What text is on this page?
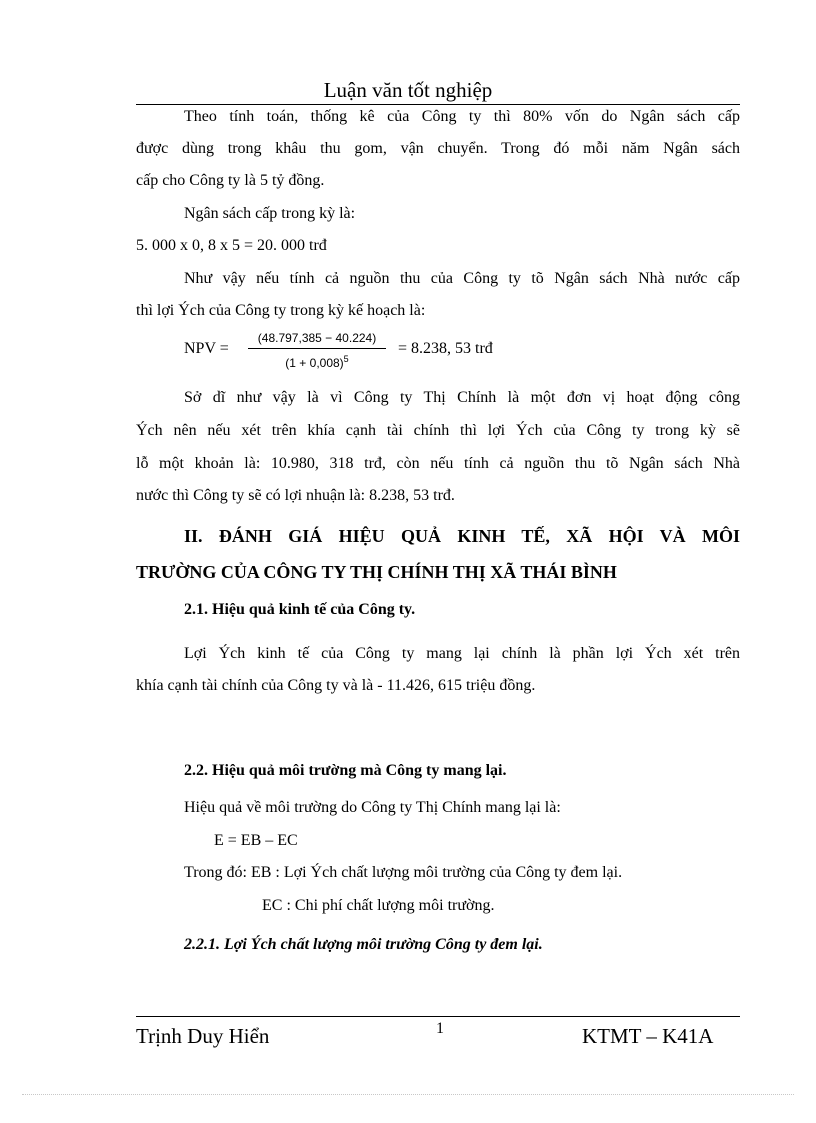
Luận văn tốt nghiệp
Theo tính toán, thống kê của Công ty thì 80% vốn do Ngân sách cấp
được dùng trong khâu thu gom, vận chuyển. Trong đó mỗi năm Ngân sách
cấp cho Công ty là 5 tỷ đồng.
Ngân sách cấp trong kỳ là:
5. 000 x 0, 8 x 5 = 20. 000 trđ
Như vậy nếu tính cả nguồn thu của Công ty tõ Ngân sách Nhà nước cấp
thì lợi Ých của Công ty trong kỳ kế hoạch là:
NPV =
(48.797,385 − 40.224)
$(1 + 0,008)^5$
= 8.238, 53 trđ
Sở dĩ như vậy là vì Công ty Thị Chính là một đơn vị hoạt động công
Ých nên nếu xét trên khía cạnh tài chính thì lợi Ých của Công ty trong kỳ sẽ
lỗ một khoản là: 10.980, 318 trđ, còn nếu tính cả nguồn thu tõ Ngân sách Nhà
nước thì Công ty sẽ có lợi nhuận là: 8.238, 53 trđ.
II. ĐÁNH GIÁ HIỆU QUẢ KINH TẾ, XÃ HỘI VÀ MÔI
TRƯỜNG CỦA CÔNG TY THỊ CHÍNH THỊ XÃ THÁI BÌNH
2.1. Hiệu quả kinh tế của Công ty.
Lợi Ých kinh tế của Công ty mang lại chính là phần lợi Ých xét trên
khía cạnh tài chính của Công ty và là - 11.426, 615 triệu đồng.
2.2. Hiệu quả môi trường mà Công ty mang lại.
Hiệu quả về môi trường do Công ty Thị Chính mang lại là:
E = EB – EC
Trong đó: EB : Lợi Ých chất lượng môi trường của Công ty đem lại.
EC : Chi phí chất lượng môi trường.
2.2.1. Lợi Ých chất lượng môi trường Công ty đem lại.
Trịnh Duy Hiển	1	KTMT – K41A
